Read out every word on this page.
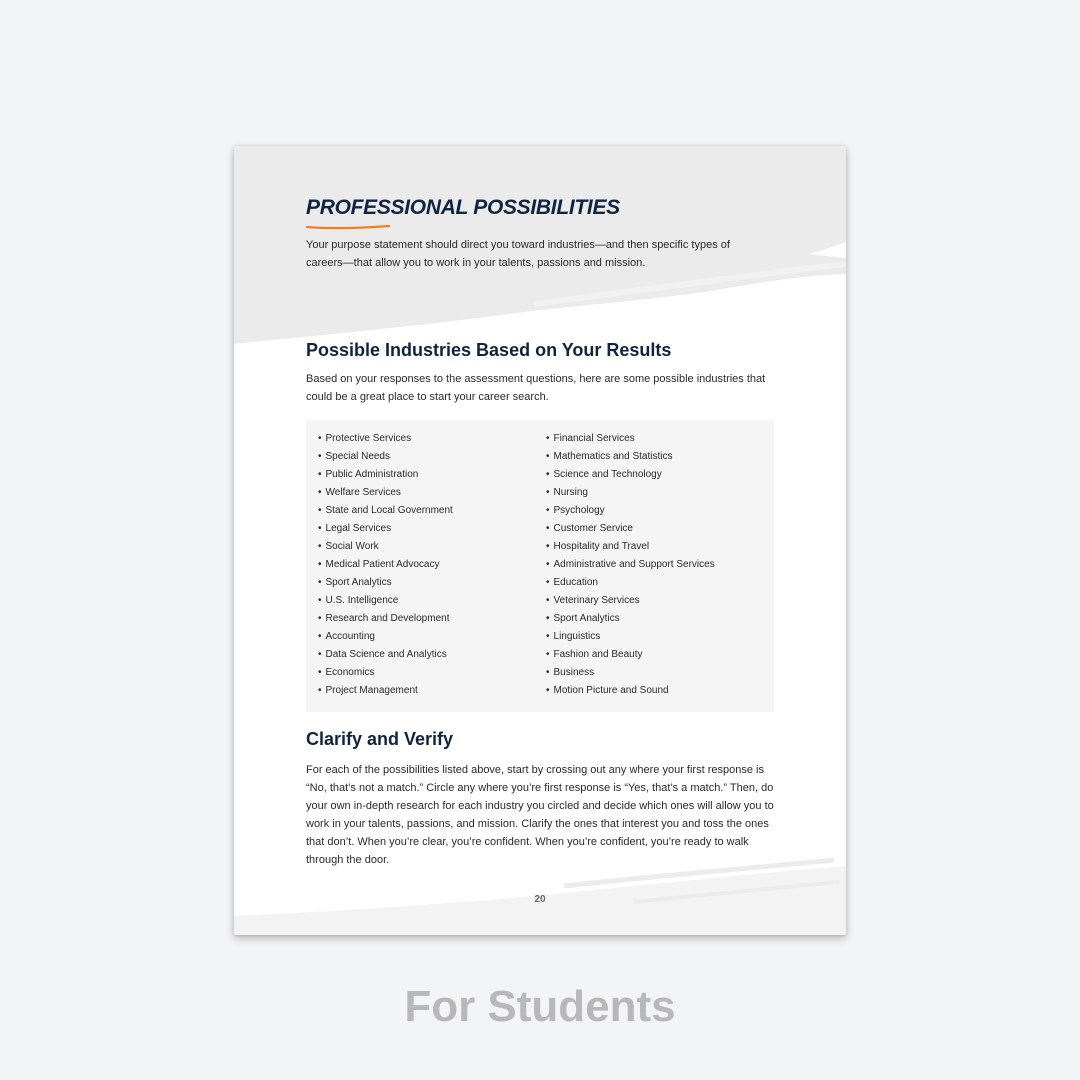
PROFESSIONAL POSSIBILITIES

Your purpose statement should direct you toward industries—and then specific types of careers—that allow you to work in your talents, passions and mission.

Possible Industries Based on Your Results

Based on your responses to the assessment questions, here are some possible industries that could be a great place to start your career search.

• Protective Services
• Special Needs
• Public Administration
• Welfare Services
• State and Local Government
• Legal Services
• Social Work
• Medical Patient Advocacy
• Sport Analytics
• U.S. Intelligence
• Research and Development
• Accounting
• Data Science and Analytics
• Economics
• Project Management
• Financial Services
• Mathematics and Statistics
• Science and Technology
• Nursing
• Psychology
• Customer Service
• Hospitality and Travel
• Administrative and Support Services
• Education
• Veterinary Services
• Sport Analytics
• Linguistics
• Fashion and Beauty
• Business
• Motion Picture and Sound
Clarify and Verify

For each of the possibilities listed above, start by crossing out any where your first response is “No, that’s not a match.” Circle any where you’re first response is “Yes, that’s a match.” Then, do your own in-depth research for each industry you circled and decide which ones will allow you to work in your talents, passions, and mission. Clarify the ones that interest you and toss the ones that don’t. When you’re clear, you’re confident. When you’re confident, you’re ready to walk through the door.

20

For Students
